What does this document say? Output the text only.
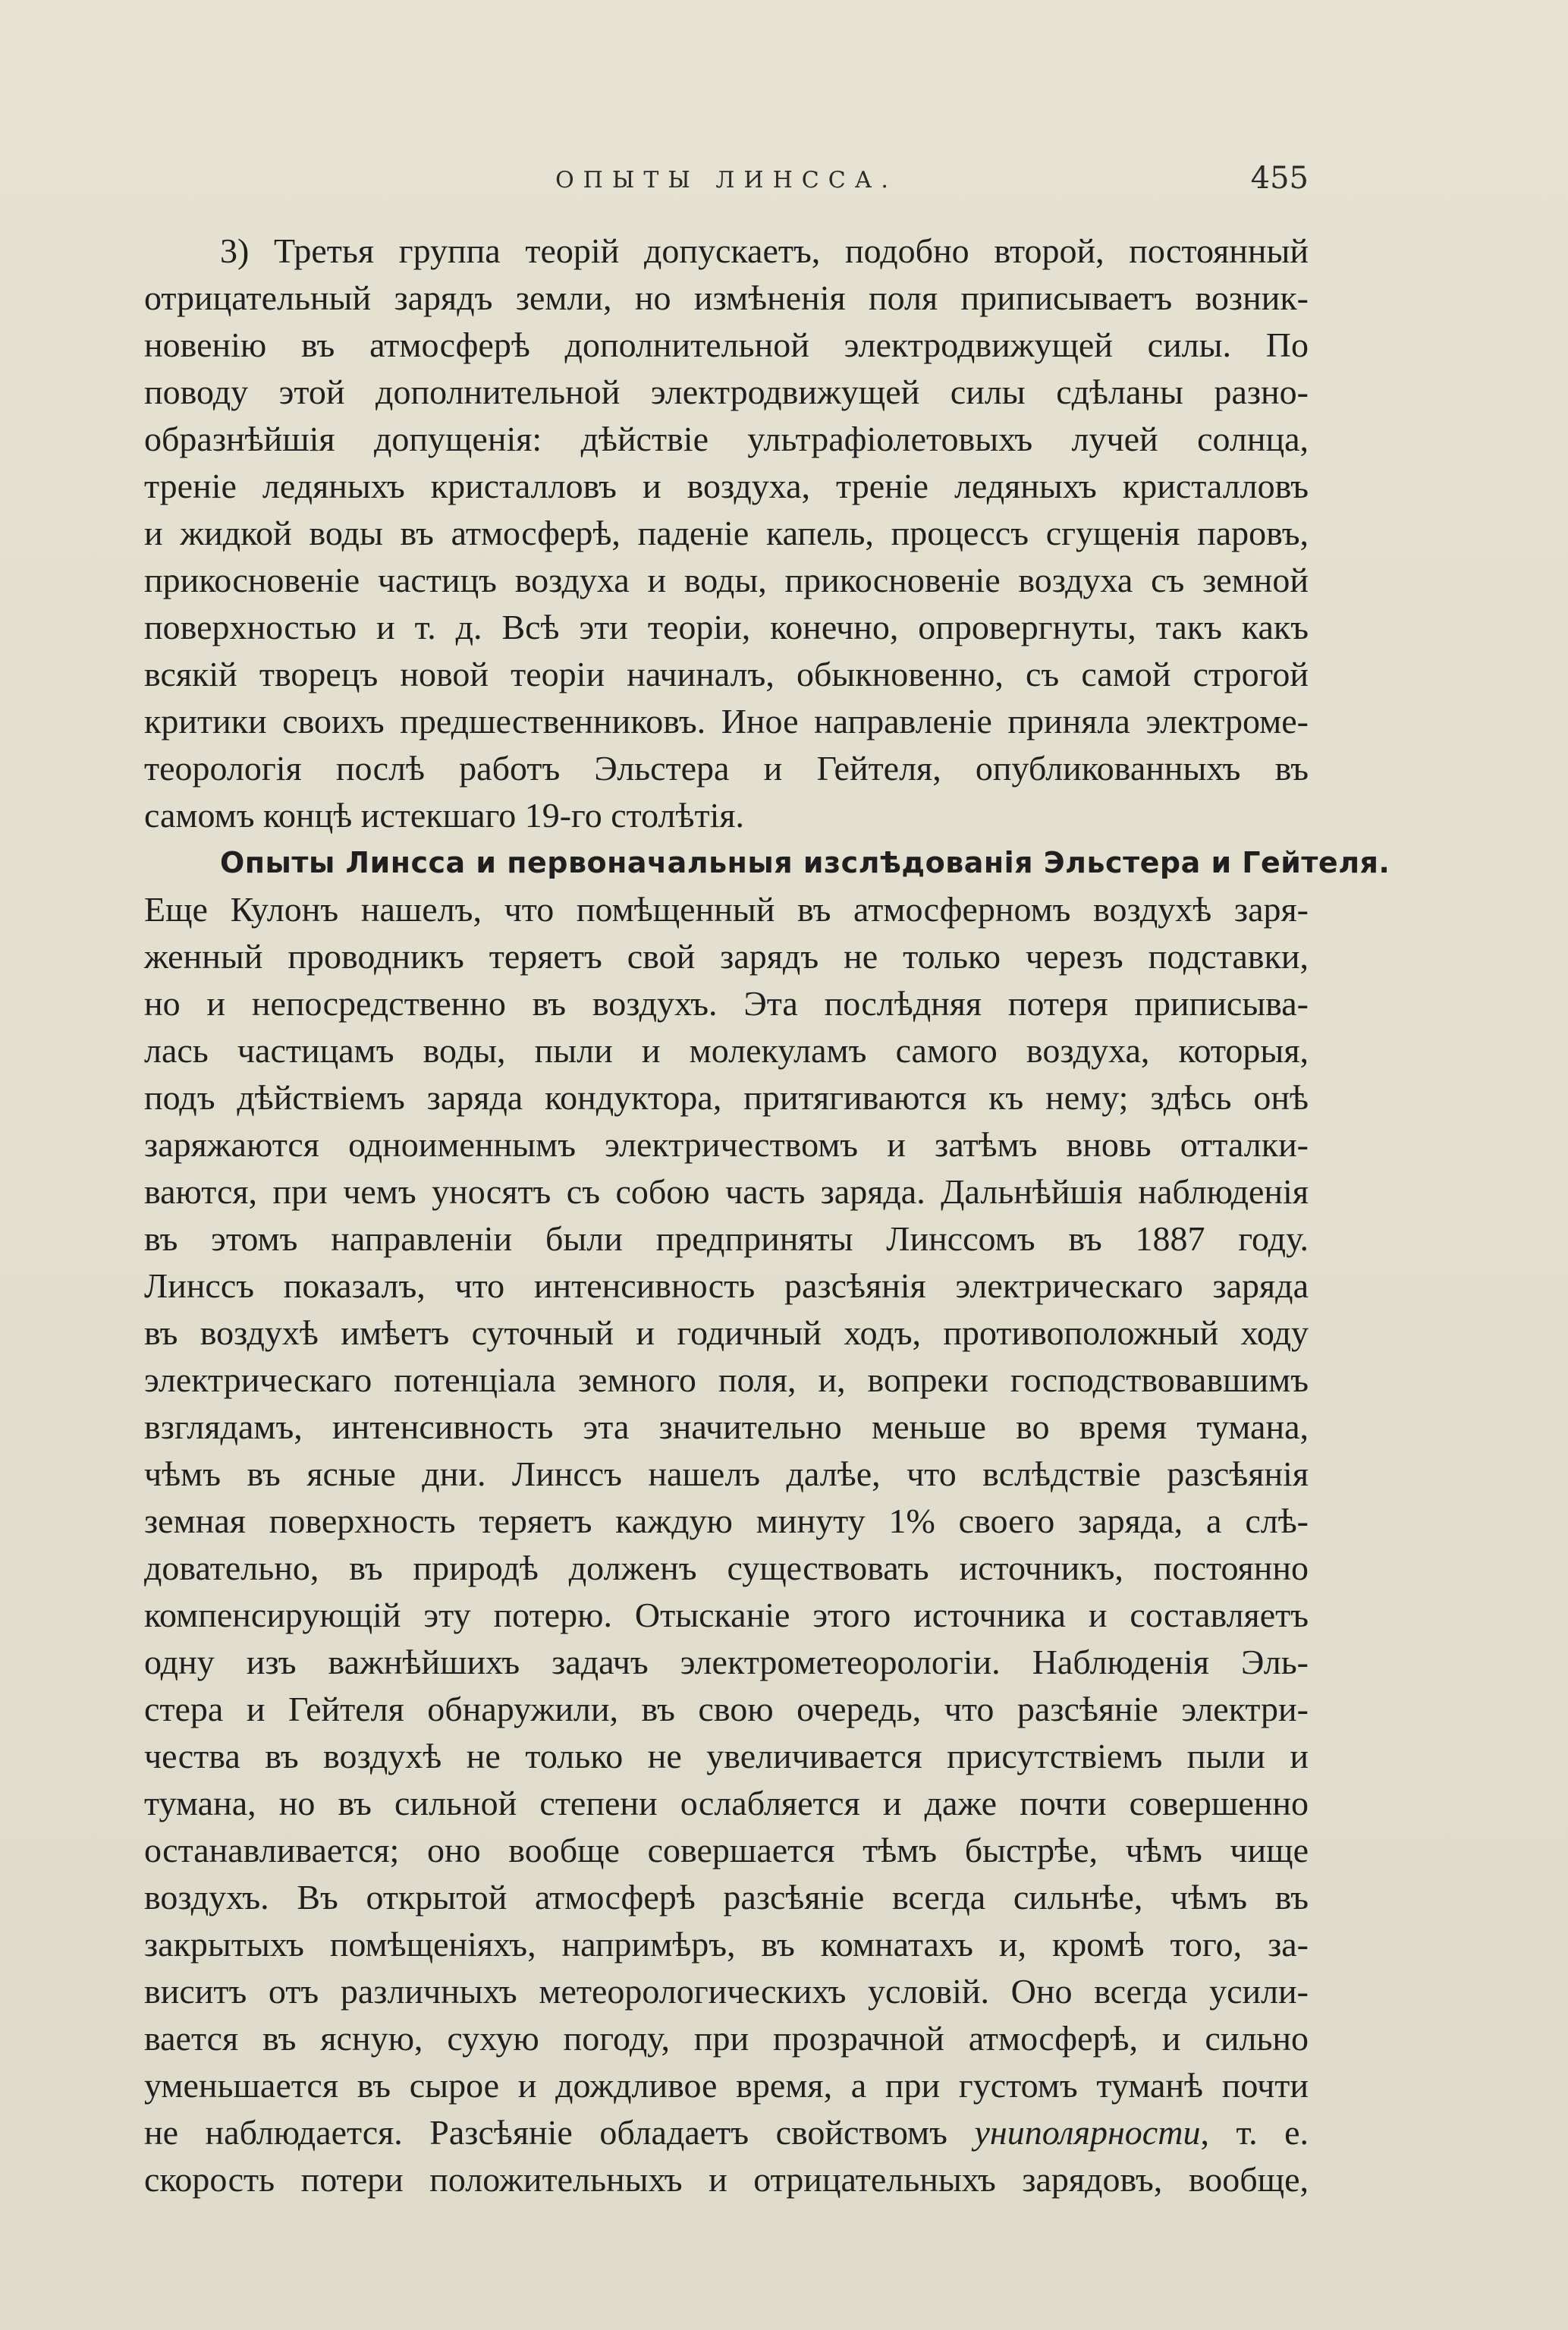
ОПЫТЫ ЛИНССА.	455
3) Третья группа теорій допускаетъ, подобно второй, постоянный
отрицательный зарядъ земли, но измѣненія поля приписываетъ возник-
новенію въ атмосферѣ дополнительной электродвижущей силы. По
поводу этой дополнительной электродвижущей силы сдѣланы разно-
образнѣйшія допущенія: дѣйствіе ультрафіолетовыхъ лучей солнца,
треніе ледяныхъ кристалловъ и воздуха, треніе ледяныхъ кристалловъ
и жидкой воды въ атмосферѣ, паденіе капель, процессъ сгущенія паровъ,
прикосновеніе частицъ воздуха и воды, прикосновеніе воздуха съ земной
поверхностью и т. д. Всѣ эти теоріи, конечно, опровергнуты, такъ какъ
всякій творецъ новой теоріи начиналъ, обыкновенно, съ самой строгой
критики своихъ предшественниковъ. Иное направленіе приняла электроме-
теорологія послѣ работъ Эльстера и Гейтеля, опубликованныхъ въ
самомъ концѣ истекшаго 19-го столѣтія.
Опыты Линсса и первоначальныя изслѣдованія Эльстера и Гейтеля.
Еще Кулонъ нашелъ, что помѣщенный въ атмосферномъ воздухѣ заря-
женный проводникъ теряетъ свой зарядъ не только черезъ подставки,
но и непосредственно въ воздухъ. Эта послѣдняя потеря приписыва-
лась частицамъ воды, пыли и молекуламъ самого воздуха, которыя,
подъ дѣйствіемъ заряда кондуктора, притягиваются къ нему; здѣсь онѣ
заряжаются одноименнымъ электричествомъ и затѣмъ вновь отталки-
ваются, при чемъ уносятъ съ собою часть заряда. Дальнѣйшія наблюденія
въ этомъ направленіи были предприняты Линссомъ въ 1887 году.
Линссъ показалъ, что интенсивность разсѣянія электрическаго заряда
въ воздухѣ имѣетъ суточный и годичный ходъ, противоположный ходу
электрическаго потенціала земного поля, и, вопреки господствовавшимъ
взглядамъ, интенсивность эта значительно меньше во время тумана,
чѣмъ въ ясные дни. Линссъ нашелъ далѣе, что вслѣдствіе разсѣянія
земная поверхность теряетъ каждую минуту 1% своего заряда, а слѣ-
довательно, въ природѣ долженъ существовать источникъ, постоянно
компенсирующій эту потерю. Отысканіе этого источника и составляетъ
одну изъ важнѣйшихъ задачъ электрометеорологіи. Наблюденія Эль-
стера и Гейтеля обнаружили, въ свою очередь, что разсѣяніе электри-
чества въ воздухѣ не только не увеличивается присутствіемъ пыли и
тумана, но въ сильной степени ослабляется и даже почти совершенно
останавливается; оно вообще совершается тѣмъ быстрѣе, чѣмъ чище
воздухъ. Въ открытой атмосферѣ разсѣяніе всегда сильнѣе, чѣмъ въ
закрытыхъ помѣщеніяхъ, напримѣръ, въ комнатахъ и, кромѣ того, за-
виситъ отъ различныхъ метеорологическихъ условій. Оно всегда усили-
вается въ ясную, сухую погоду, при прозрачной атмосферѣ, и сильно
уменьшается въ сырое и дождливое время, а при густомъ туманѣ почти
не наблюдается. Разсѣяніе обладаетъ свойствомъ униполярности, т. е.
скорость потери положительныхъ и отрицательныхъ зарядовъ, вообще,
